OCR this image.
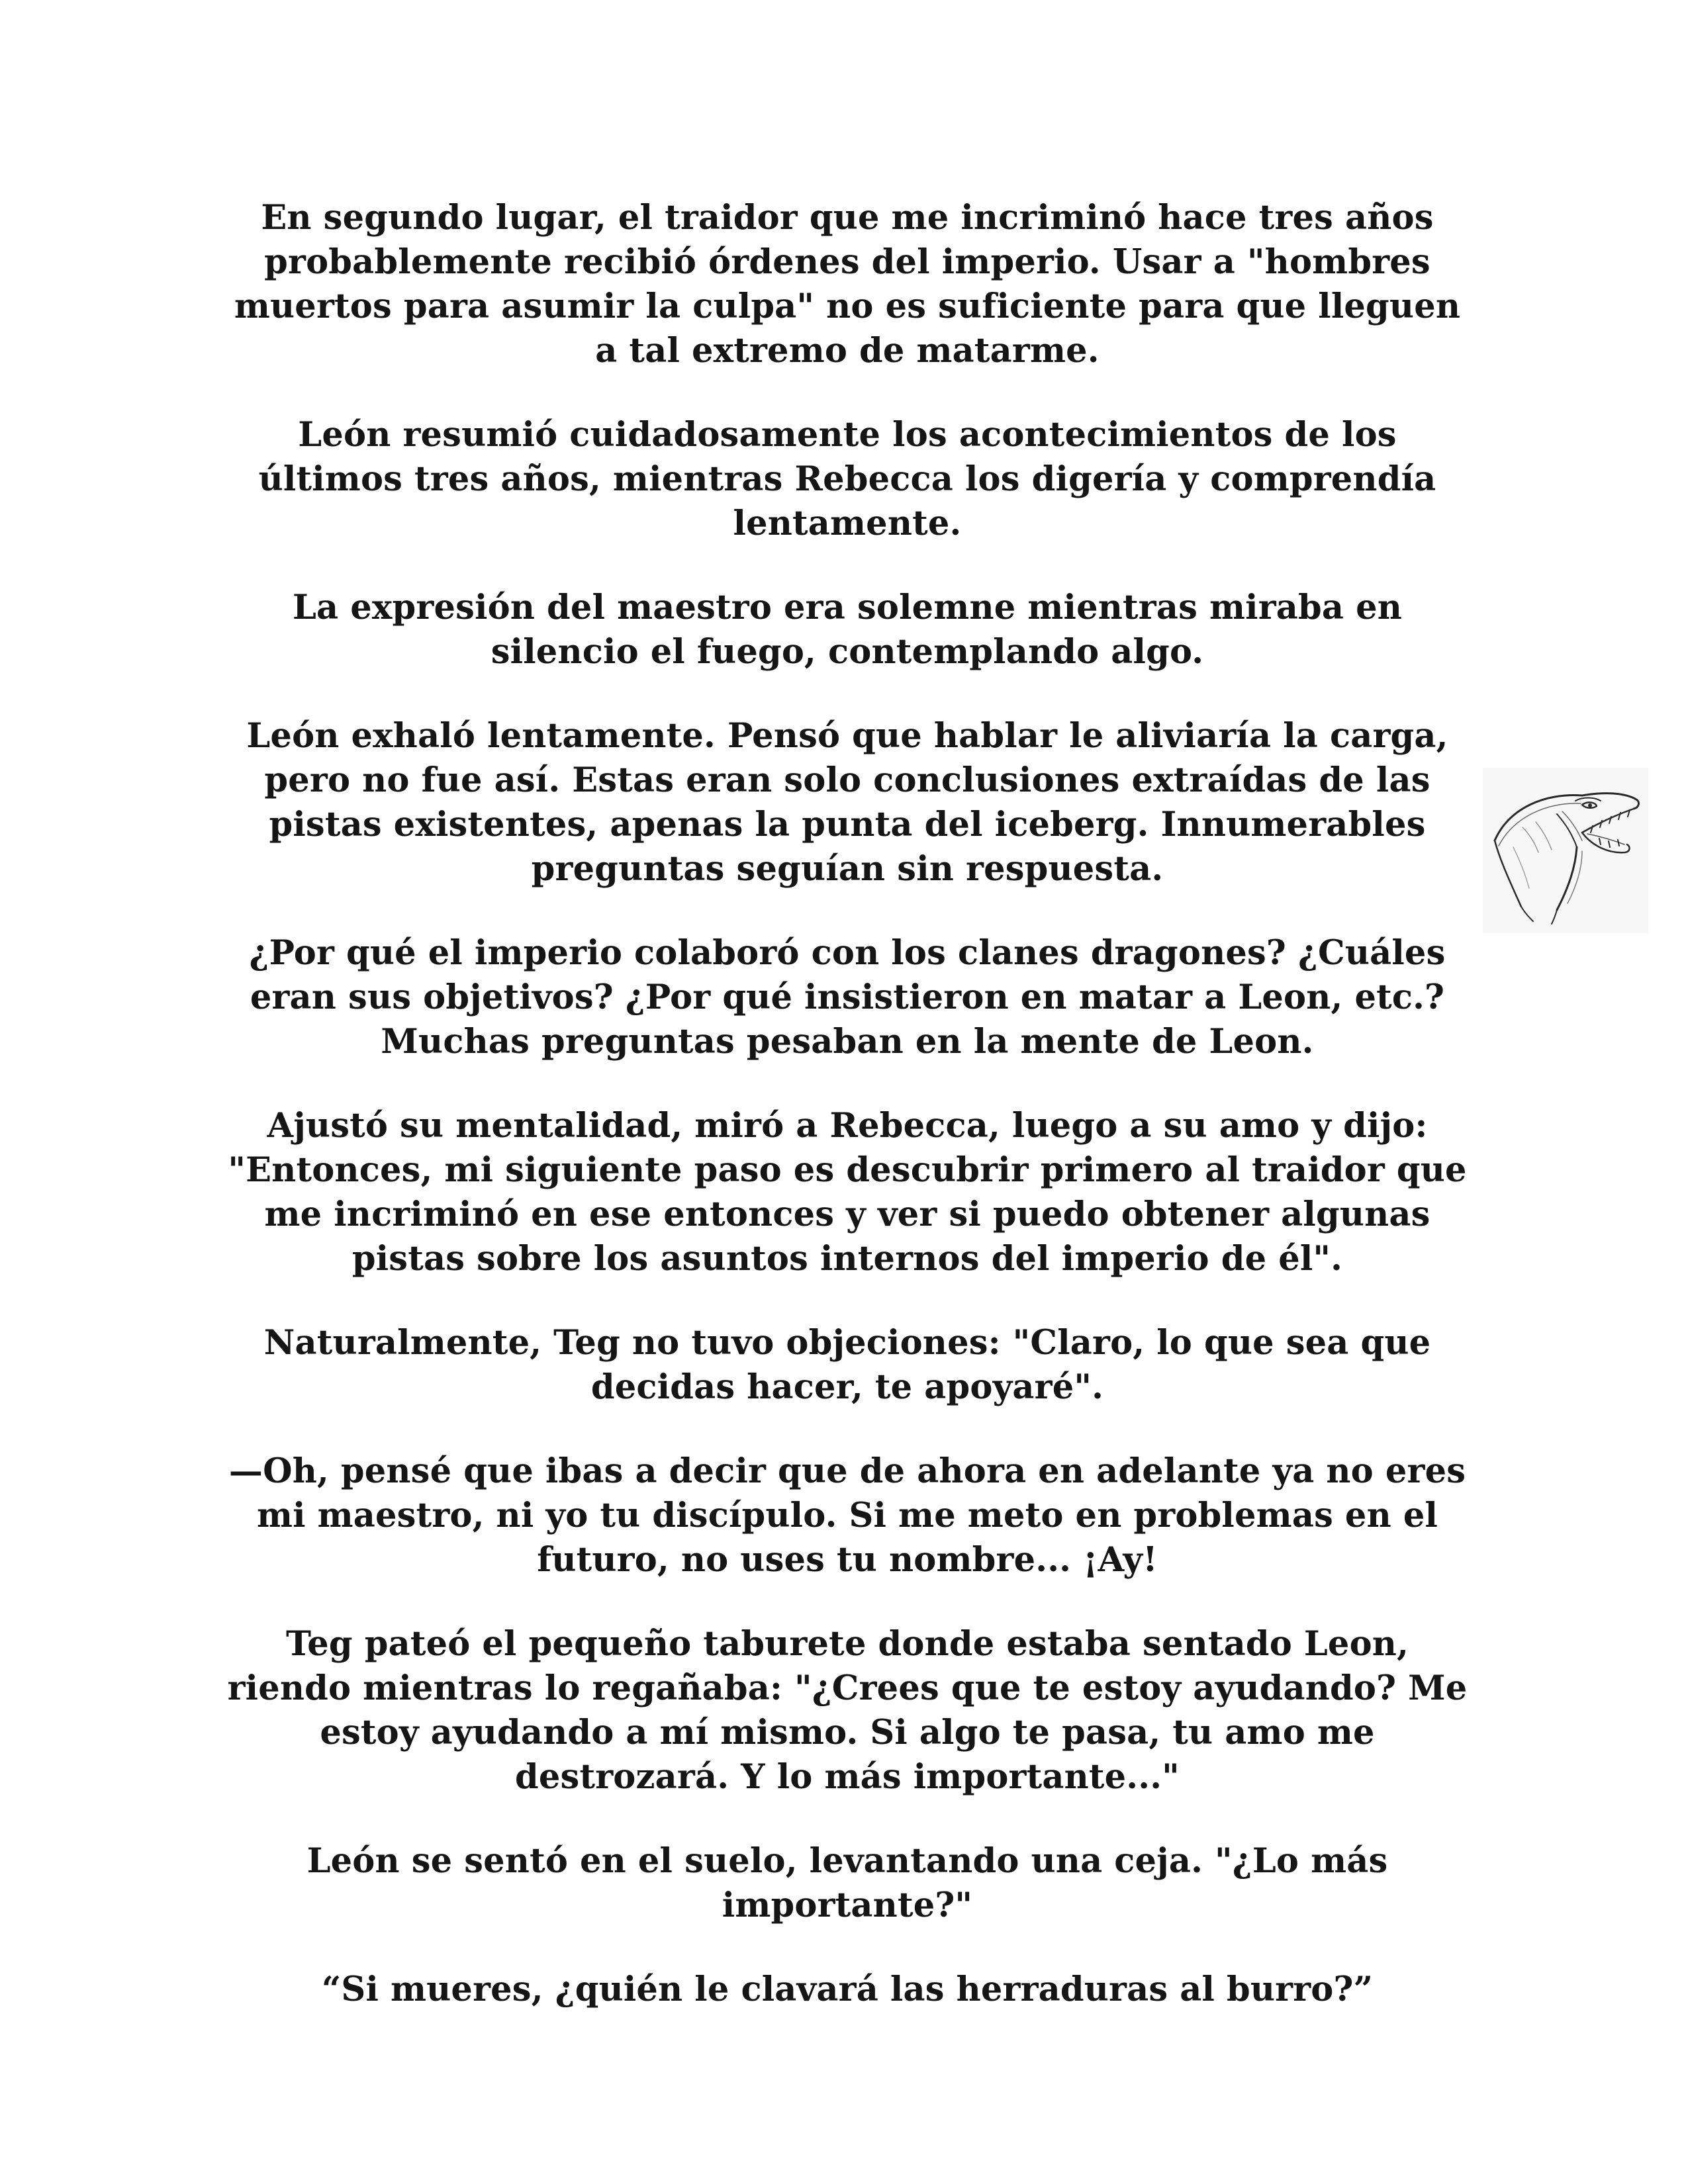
En segundo lugar, el traidor que me incriminó hace tres años probablemente recibió órdenes del imperio. Usar a "hombres muertos para asumir la culpa" no es suficiente para que lleguen a tal extremo de matarme.

León resumió cuidadosamente los acontecimientos de los últimos tres años, mientras Rebecca los digería y comprendía lentamente.

La expresión del maestro era solemne mientras miraba en silencio el fuego, contemplando algo.

León exhaló lentamente. Pensó que hablar le aliviaría la carga, pero no fue así. Estas eran solo conclusiones extraídas de las pistas existentes, apenas la punta del iceberg. Innumerables preguntas seguían sin respuesta.

¿Por qué el imperio colaboró con los clanes dragones? ¿Cuáles eran sus objetivos? ¿Por qué insistieron en matar a Leon, etc.? Muchas preguntas pesaban en la mente de Leon.

Ajustó su mentalidad, miró a Rebecca, luego a su amo y dijo: "Entonces, mi siguiente paso es descubrir primero al traidor que me incriminó en ese entonces y ver si puedo obtener algunas pistas sobre los asuntos internos del imperio de él".

Naturalmente, Teg no tuvo objeciones: "Claro, lo que sea que decidas hacer, te apoyaré".

—Oh, pensé que ibas a decir que de ahora en adelante ya no eres mi maestro, ni yo tu discípulo. Si me meto en problemas en el futuro, no uses tu nombre... ¡Ay!

Teg pateó el pequeño taburete donde estaba sentado Leon, riendo mientras lo regañaba: "¿Crees que te estoy ayudando? Me estoy ayudando a mí mismo. Si algo te pasa, tu amo me destrozará. Y lo más importante..."

León se sentó en el suelo, levantando una ceja. "¿Lo más importante?"

“Si mueres, ¿quién le clavará las herraduras al burro?”
